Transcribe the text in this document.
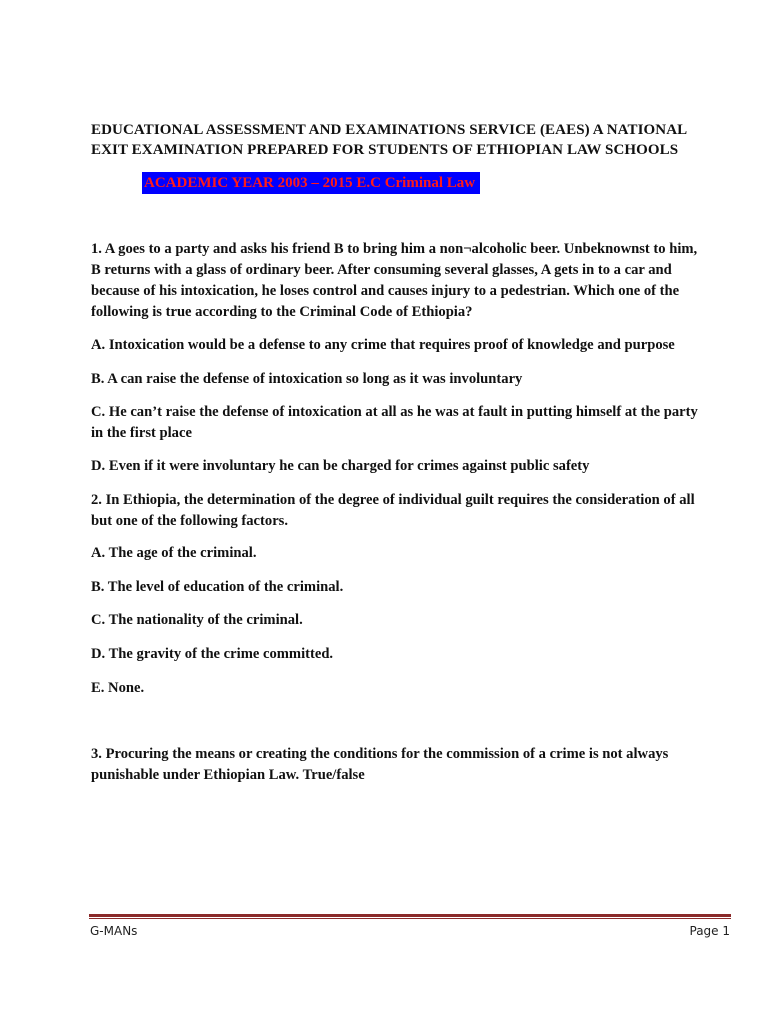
EDUCATIONAL ASSESSMENT AND EXAMINATIONS SERVICE (EAES) A NATIONAL
EXIT EXAMINATION PREPARED FOR STUDENTS OF ETHIOPIAN LAW SCHOOLS
ACADEMIC YEAR 2003 – 2015 E.C Criminal Law
1. A goes to a party and asks his friend B to bring him a non¬alcoholic beer. Unbeknownst to him,
B returns with a glass of ordinary beer. After consuming several glasses, A gets in to a car and
because of his intoxication, he loses control and causes injury to a pedestrian. Which one of the
following is true according to the Criminal Code of Ethiopia?
A. Intoxication would be a defense to any crime that requires proof of knowledge and purpose
B. A can raise the defense of intoxication so long as it was involuntary
C. He can’t raise the defense of intoxication at all as he was at fault in putting himself at the party
in the first place
D. Even if it were involuntary he can be charged for crimes against public safety
2. In Ethiopia, the determination of the degree of individual guilt requires the consideration of all
but one of the following factors.
A. The age of the criminal.
B. The level of education of the criminal.
C. The nationality of the criminal.
D. The gravity of the crime committed.
E. None.
3. Procuring the means or creating the conditions for the commission of a crime is not always
punishable under Ethiopian Law. True/false
G-MANs	Page 1
